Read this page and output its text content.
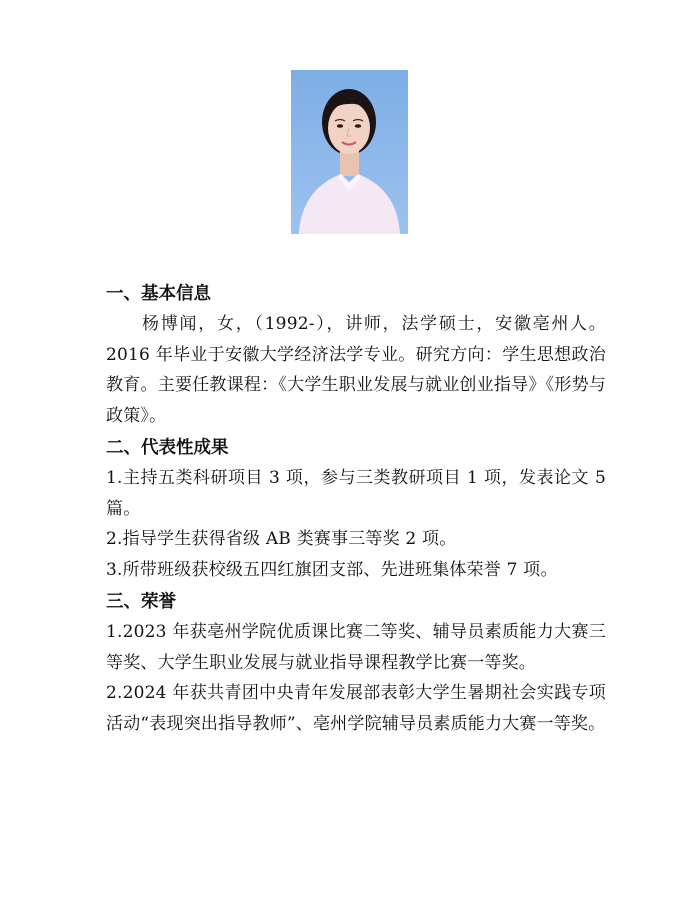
一、基本信息

杨博闻，女，（1992-），讲师，法学硕士，安徽亳州人。2016 年毕业于安徽大学经济法学专业。研究方向：学生思想政治教育。主要任教课程：《大学生职业发展与就业创业指导》《形势与政策》。

二、代表性成果

1.主持五类科研项目 3 项，参与三类教研项目 1 项，发表论文 5 篇。

2.指导学生获得省级 AB 类赛事三等奖 2 项。

3.所带班级获校级五四红旗团支部、先进班集体荣誉 7 项。

三、荣誉

1.2023 年获亳州学院优质课比赛二等奖、辅导员素质能力大赛三等奖、大学生职业发展与就业指导课程教学比赛一等奖。

2.2024 年获共青团中央青年发展部表彰大学生暑期社会实践专项活动“表现突出指导教师”、亳州学院辅导员素质能力大赛一等奖。
